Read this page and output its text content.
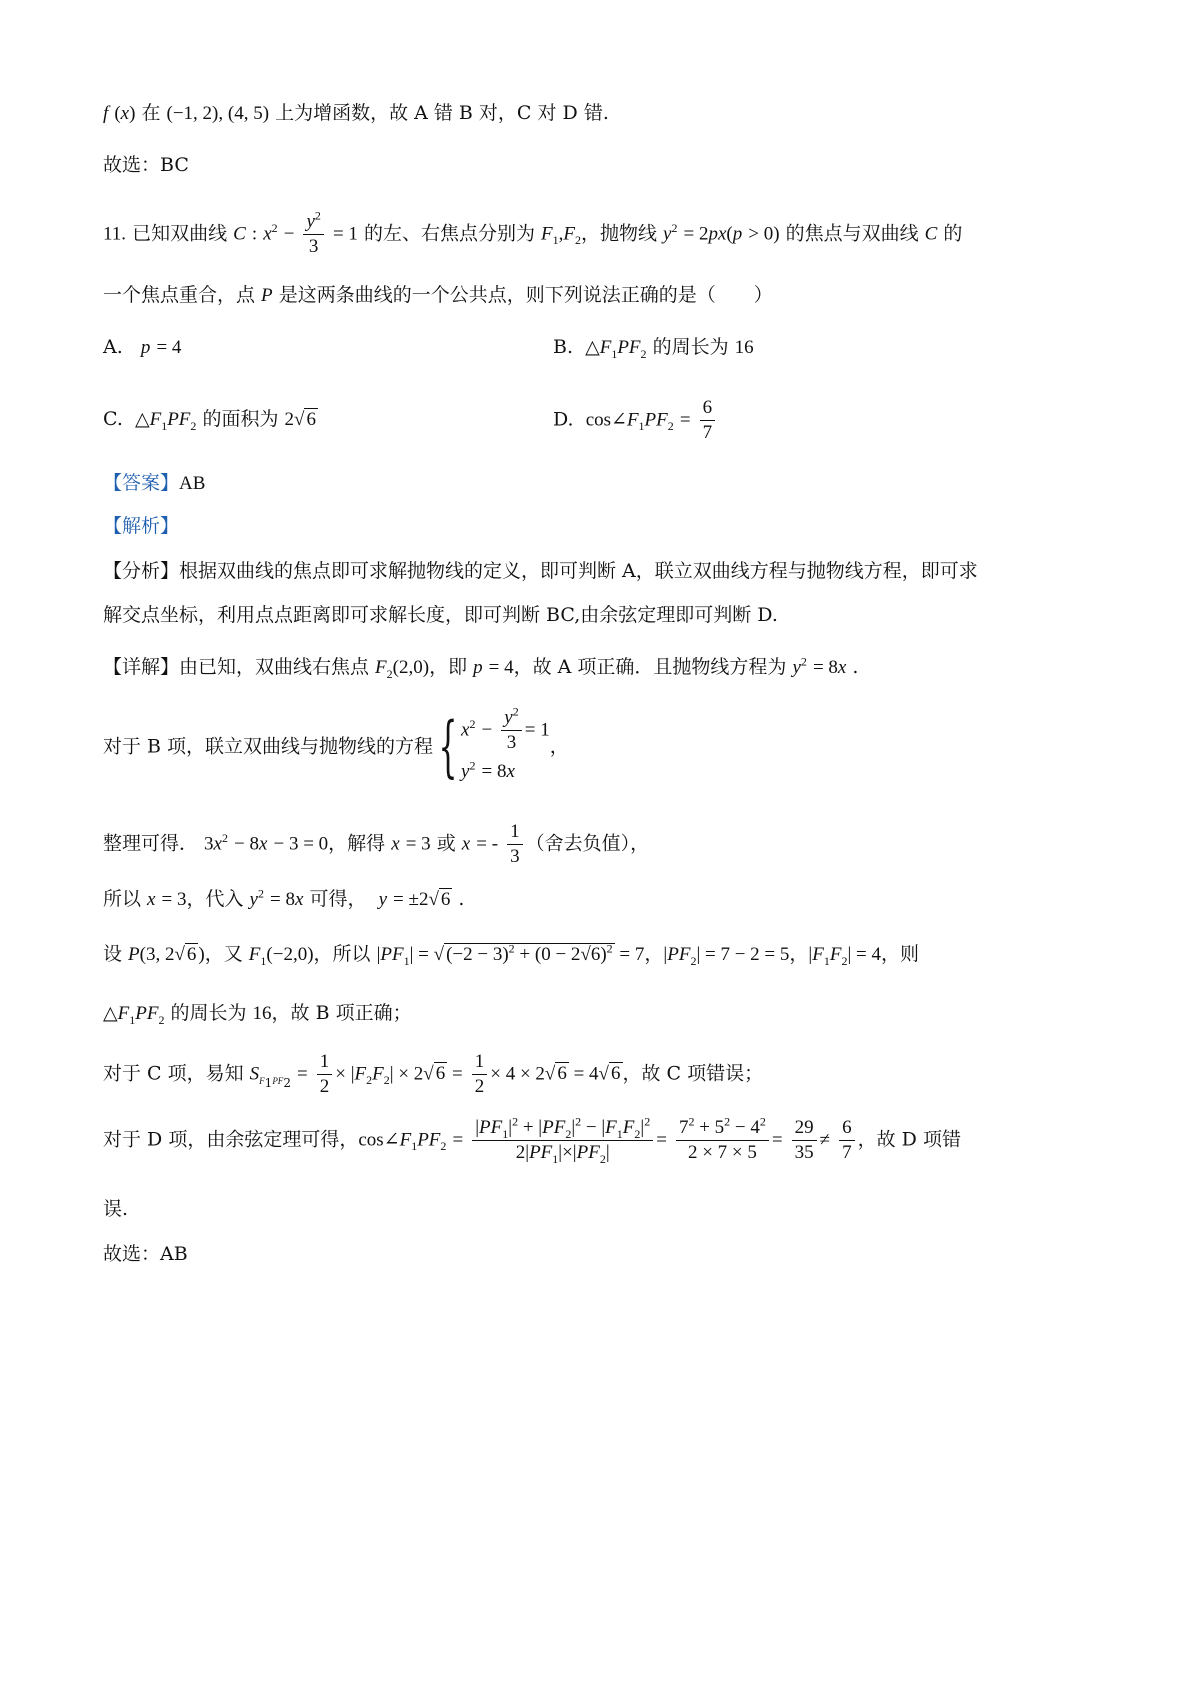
f (x) 在 (−1, 2), (4, 5) 上为增函数，故 A 错 B 对，C 对 D 错.
故选：BC
11. 已知双曲线 C : $x^2 - \frac{y^2}{3} = 1$ 的左、右焦点分别为 $F_1,F_2$，抛物线 $y^2 = 2px(p > 0)$ 的焦点与双曲线 C 的
一个焦点重合，点 P 是这两条曲线的一个公共点，则下列说法正确的是（　　）
A.   p = 4	B.  $\triangle F_1PF_2$ 的周长为 16
C.  $\triangle F_1PF_2$ 的面积为 2√ 6	D.  $\cos\angle F_1PF_2 = \frac{6}{7}$
【答案】AB
【解析】
【分析】根据双曲线的焦点即可求解抛物线的定义，即可判断 A，联立双曲线方程与抛物线方程，即可求
解交点坐标，利用点点距离即可求解长度，即可判断 BC,由余弦定理即可判断 D.
【详解】由已知，双曲线右焦点 $F_2(2,0)$，即 p = 4，故 A 项正确．且抛物线方程为 $y^2 = 8x$ .
对于 B 项，联立双曲线与抛物线的方程{ $x^2 - \frac{y^2}{3} = 1$
$y^2 = 8x$
，
整理可得． $3x^2 - 8x - 3 = 0$，解得 x = 3 或 x = - $\frac{1}{3}$ （舍去负值），
所以 x = 3，代入 $y^2 = 8x$ 可得，  y = ±2√ 6 .
设 P(3, 2√ 6 )，又 $F_1(-2,0)$，所以 $|PF_1|$ = √ $(-2 - 3)^2 + (0 - 2√6)^2 = 7$，$|PF_2| = 7 - 2 = 5$，$|F_1F_2| = 4$，则
$\triangle F_1PF_2$ 的周长为 16，故 B 项正确；
对于 C 项，易知 $S_{F_1PF_2} = \frac{1}{2} \times |F_2F_2| \times 2√$ $6 = \frac{1}{2} \times 4 \times 2√$ 6 = 4√ 6 ，故 C 项错误；
对于 D 项，由余弦定理可得，$\cos\angle F_1PF_2 = \frac{|PF_1|^2 + |PF_2|^2 - |F_1F_2|^2}{2|PF_1|\times|PF_2|} = \frac{7^2 + 5^2 - 4^2}{2 \times 7 \times 5} = \frac{29}{35} \ne \frac{6}{7}$ ，故 D 项错
误.
故选：AB
